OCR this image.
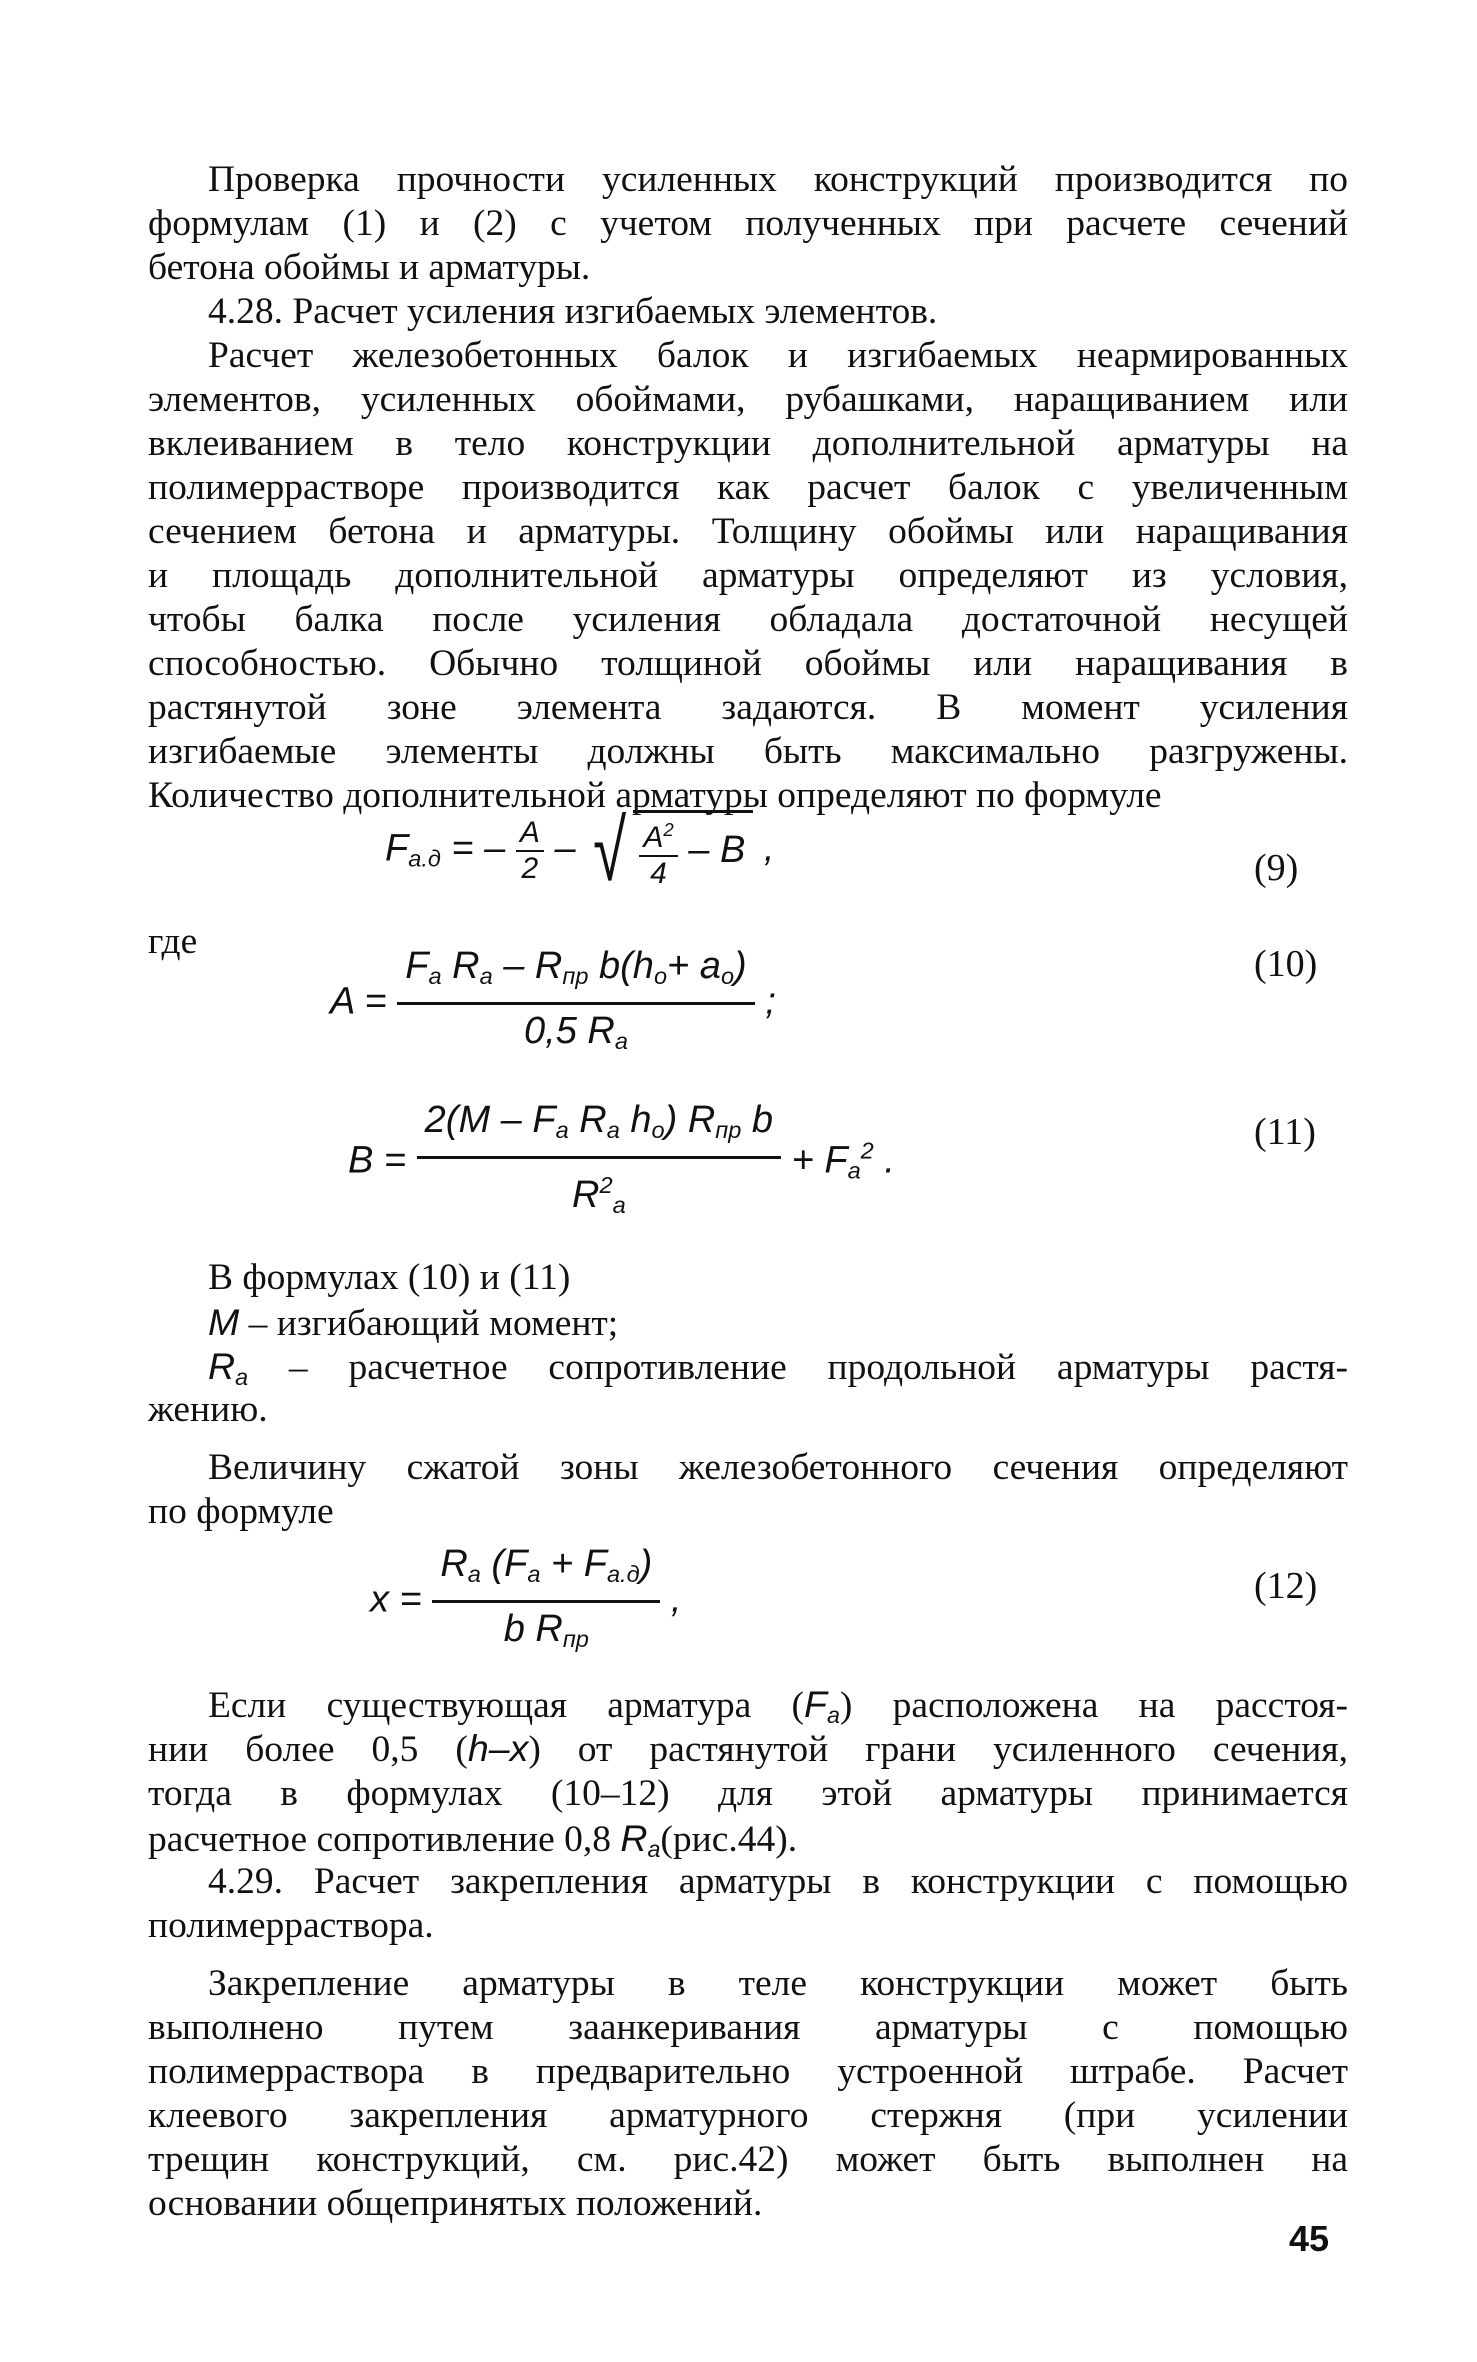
Проверка прочности усиленных конструкций производится по
формулам (1) и (2) с учетом полученных при расчете сечений
бетона обоймы и арматуры.
4.28. Расчет усиления изгибаемых элементов.
Расчет железобетонных балок и изгибаемых неармированных
элементов, усиленных обоймами, рубашками, наращиванием или
вклеиванием в тело конструкции дополнительной арматуры на
полимеррастворе производится как расчет балок с увеличенным
сечением бетона и арматуры. Толщину обоймы или наращивания
и площадь дополнительной арматуры определяют из условия,
чтобы балка после усиления обладала достаточной несущей
способностью. Обычно толщиной обоймы или наращивания в
растянутой зоне элемента задаются. В момент усиления
изгибаемые элементы должны быть максимально разгружены.
Количество дополнительной арматуры определяют по формуле
$F_{a.д}$ = – $\frac{A}{2}$ – √ $\frac{A^2}{4}$ – B ,	(9)
где
$A = \frac{F_a R_a - R_{пр} b(h_o+ a_o)}{0,5 R_a}$ ;
(10)
$B = \frac{2(M - F_a R_a h_o) R_{пр} b}{R^2_a} + F_a^2$ .
(11)
В формулах (10) и (11)
М – изгибающий момент;
$R_a$ – расчетное сопротивление продольной арматуры растя-
жению.
Величину сжатой зоны железобетонного сечения определяют
по формуле
$x = \frac{R_a (F_a + F_{a.д})}{b R_{пр}}$ ,	(12)
Если существующая арматура $(F_a)$ расположена на расстоя-
нии более 0,5 (h–x) от растянутой грани усиленного сечения,
тогда в формулах (10–12) для этой арматуры принимается
расчетное сопротивление 0,8 $R_a(рис.44)$.
4.29. Расчет закрепления арматуры в конструкции с помощью
полимерраствора.
Закрепление арматуры в теле конструкции может быть
выполнено путем заанкеривания арматуры с помощью
полимерраствора в предварительно устроенной штрабе. Расчет
клеевого закрепления арматурного стержня (при усилении
трещин конструкций, см. рис.42) может быть выполнен на
основании общепринятых положений.
45
